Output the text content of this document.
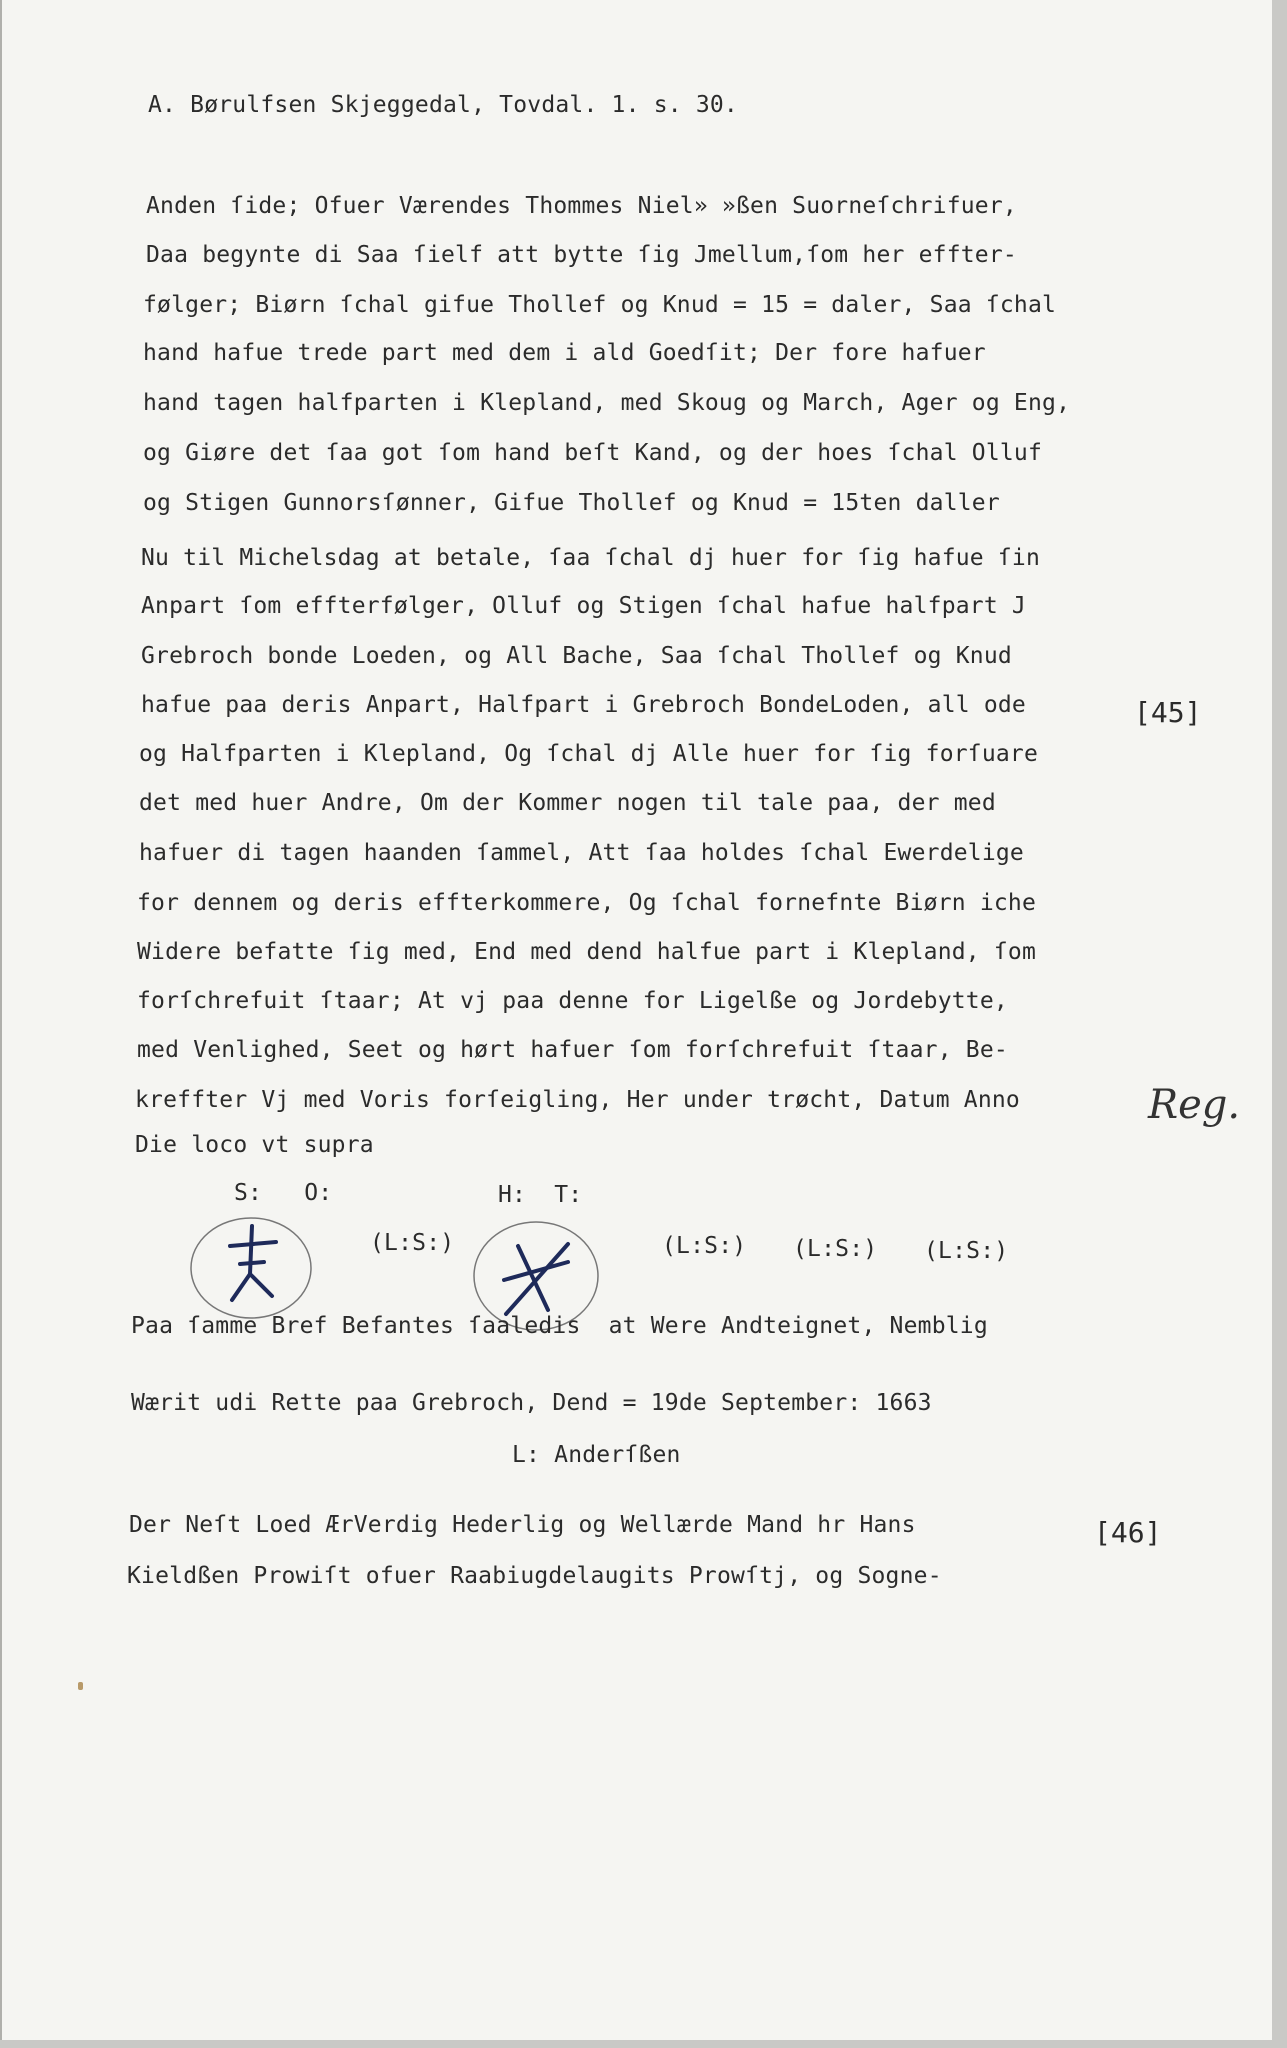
A. Børulfsen Skjeggedal, Tovdal. 1. s. 30.
Anden ſide; Ofuer Værendes Thommes Niel» »ßen Suorneſchrifuer,
Daa begynte di Saa ſielf att bytte ſig Jmellum,ſom her effter-
følger; Biørn ſchal gifue Thollef og Knud = 15 = daler, Saa ſchal
hand hafue trede part med dem i ald Goedſit; Der fore hafuer
hand tagen halfparten i Klepland, med Skoug og March, Ager og Eng,
og Giøre det ſaa got ſom hand beſt Kand, og der hoes ſchal Olluf
og Stigen Gunnorsſønner, Gifue Thollef og Knud = 15ten daller
Nu til Michelsdag at betale, ſaa ſchal dj huer for ſig hafue ſin
Anpart ſom effterfølger, Olluf og Stigen ſchal hafue halfpart J
Grebroch bonde Loeden, og All Bache, Saa ſchal Thollef og Knud
hafue paa deris Anpart, Halfpart i Grebroch BondeLoden, all ode
og Halfparten i Klepland, Og ſchal dj Alle huer for ſig forſuare
det med huer Andre, Om der Kommer nogen til tale paa, der med
hafuer di tagen haanden ſammel, Att ſaa holdes ſchal Ewerdelige
for dennem og deris effterkommere, Og ſchal fornefnte Biørn iche
Widere befatte ſig med, End med dend halfue part i Klepland, ſom
forſchrefuit ſtaar; At vj paa denne for Ligelße og Jordebytte,
med Venlighed, Seet og hørt hafuer ſom forſchrefuit ſtaar, Be-
kreffter Vj med Voris forſeigling, Her under trøcht, Datum Anno
Die loco vt supra
[45]
Reg.
S:   O:	H:  T:
(L:S:)	(L:S:) (L:S:) (L:S:)
Paa ſamme Bref Befantes ſaaledis  at Were Andteignet, Nemblig
Wærit udi Rette paa Grebroch, Dend = 19de September: 1663
L: Anderſßen
Der Neſt Loed ÆrVerdig Hederlig og Wellærde Mand hr Hans
Kieldßen Prowiſt ofuer Raabiugdelaugits Prowſtj, og Sogne-
[46]
